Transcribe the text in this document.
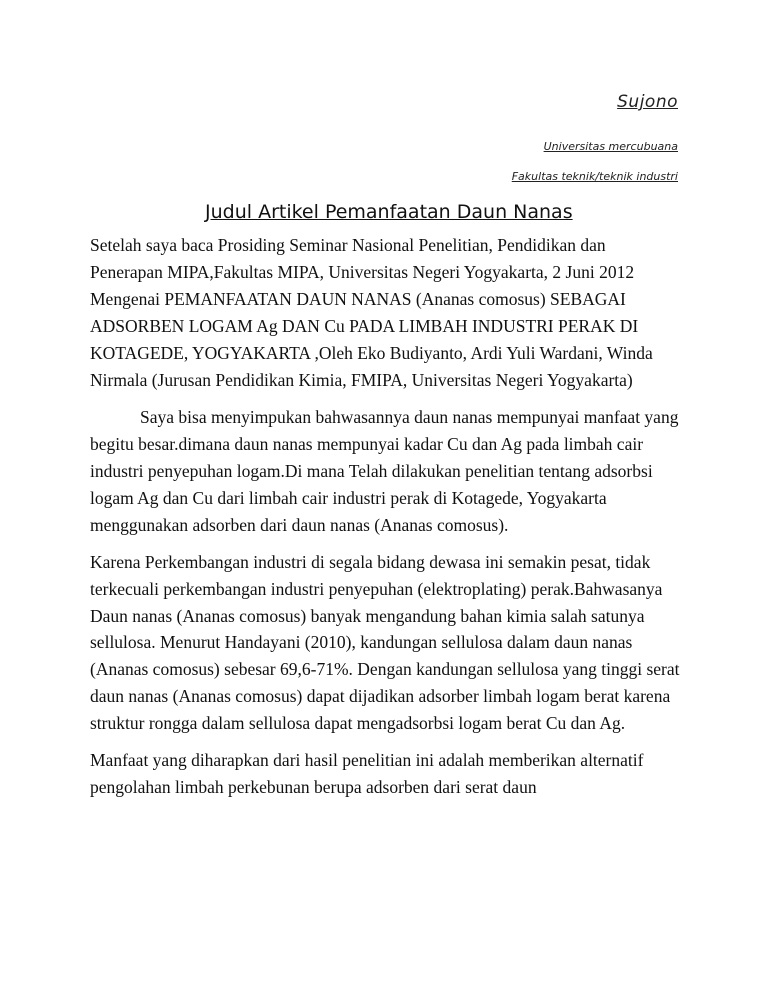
Sujono
Universitas mercubuana
Fakultas teknik/teknik industri
Judul Artikel Pemanfaatan Daun Nanas

Setelah saya baca Prosiding Seminar Nasional Penelitian, Pendidikan dan Penerapan MIPA,Fakultas MIPA, Universitas Negeri Yogyakarta, 2 Juni 2012 Mengenai PEMANFAATAN DAUN NANAS (Ananas comosus) SEBAGAI ADSORBEN LOGAM Ag DAN Cu PADA LIMBAH INDUSTRI PERAK DI KOTAGEDE, YOGYAKARTA ,Oleh Eko Budiyanto, Ardi Yuli Wardani, Winda Nirmala (Jurusan Pendidikan Kimia, FMIPA, Universitas Negeri Yogyakarta)

Saya bisa menyimpukan bahwasannya daun nanas mempunyai manfaat yang begitu besar.dimana daun nanas mempunyai kadar Cu dan Ag pada limbah cair industri penyepuhan logam.Di mana Telah dilakukan penelitian tentang adsorbsi logam Ag dan Cu dari limbah cair industri perak di Kotagede, Yogyakarta menggunakan adsorben dari daun nanas (Ananas comosus).

Karena Perkembangan industri di segala bidang dewasa ini semakin pesat, tidak terkecuali perkembangan industri penyepuhan (elektroplating) perak.Bahwasanya Daun nanas (Ananas comosus) banyak mengandung bahan kimia salah satunya sellulosa. Menurut Handayani (2010), kandungan sellulosa dalam daun nanas (Ananas comosus) sebesar 69,6-71%. Dengan kandungan sellulosa yang tinggi serat daun nanas (Ananas comosus) dapat dijadikan adsorber limbah logam berat karena struktur rongga dalam sellulosa dapat mengadsorbsi logam berat Cu dan Ag.

Manfaat yang diharapkan dari hasil penelitian ini adalah memberikan alternatif pengolahan limbah perkebunan berupa adsorben dari serat daun
